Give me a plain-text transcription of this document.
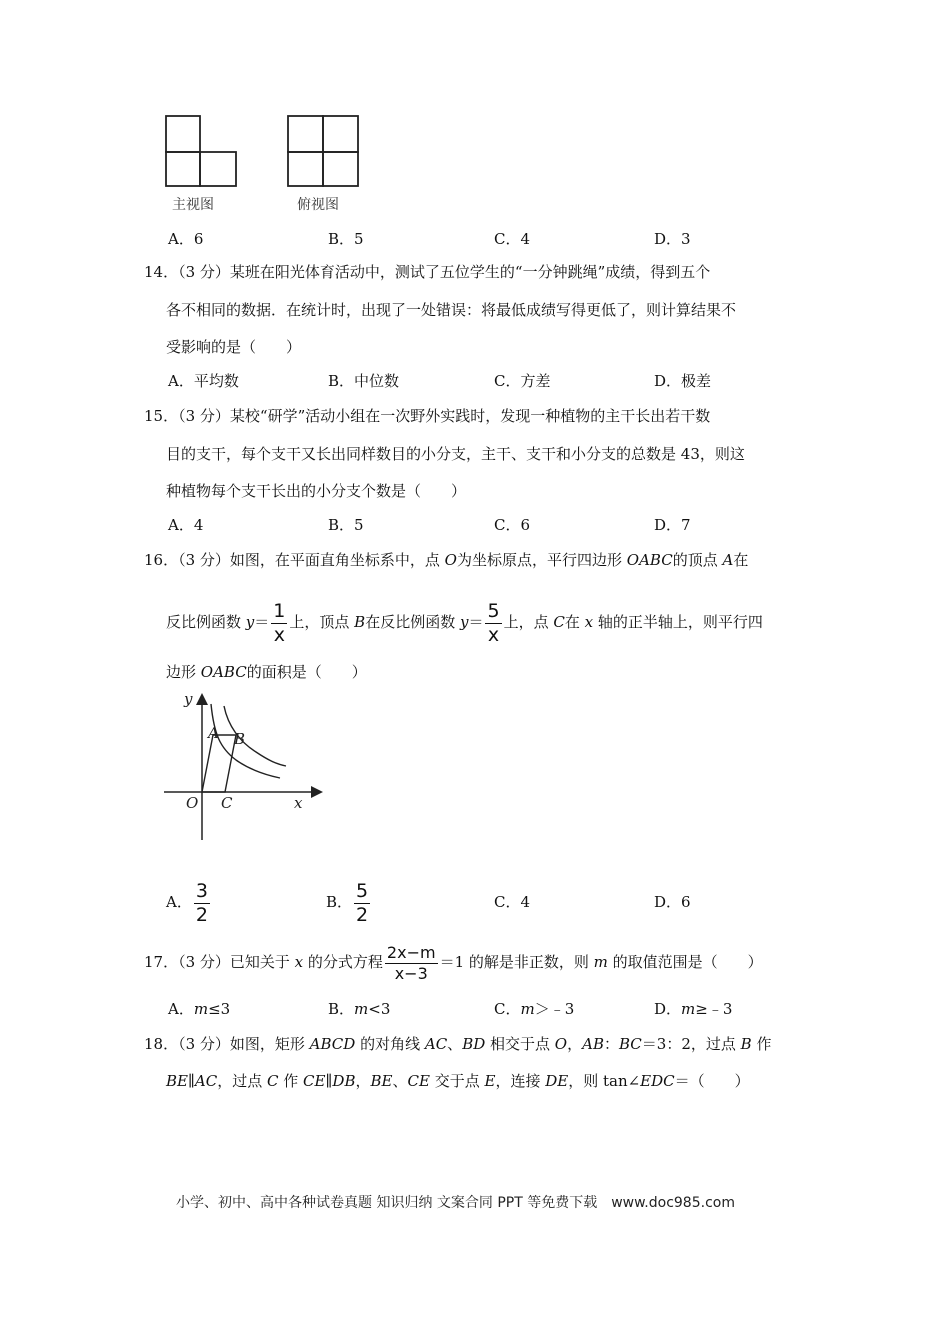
主视图	俯视图
A．6	B．5	C．4	D．3
14．（3 分）某班在阳光体育活动中，测试了五位学生的“一分钟跳绳”成绩，得到五个
各不相同的数据．在统计时，出现了一处错误：将最低成绩写得更低了，则计算结果不
受影响的是（　　）
A．平均数	B．中位数	C．方差	D．极差
15．（3 分）某校“研学”活动小组在一次野外实践时，发现一种植物的主干长出若干数
目的支干，每个支干又长出同样数目的小分支，主干、支干和小分支的总数是 43，则这
种植物每个支干长出的小分支个数是（　　）
A．4	B．5	C．6	D．7
16．（3 分）如图，在平面直角坐标系中，点 O为坐标原点，平行四边形 OABC的顶点 A在
反比例函数 $y= \frac{1}{x}$ 上，顶点 B在反比例函数 $y= \frac{5}{x}$ 上，点 C在 x 轴的正半轴上，则平行四
边形 OABC的面积是（　　）
y
x
O
A B
C
A． $\frac{3}{2}$	B． $\frac{5}{2}$	C．4	D．6
17．（3 分）已知关于 x 的分式方程 $\frac{2x-m}{x-3} =1$ 的解是非正数，则 m 的取值范围是（　　）
A．m≤3	B．m<3	C．m＞﹣3	D．m≥﹣3
18．（3 分）如图，矩形 ABCD 的对角线 AC、BD 相交于点 O，AB：BC＝3：2，过点 B 作
BE∥AC，过点 C 作 CE∥DB，BE、CE 交于点 E，连接 DE，则 tan∠EDC＝（　　）
小学、初中、高中各种试卷真题 知识归纳 文案合同 PPT 等免费下载　www.doc985.com
